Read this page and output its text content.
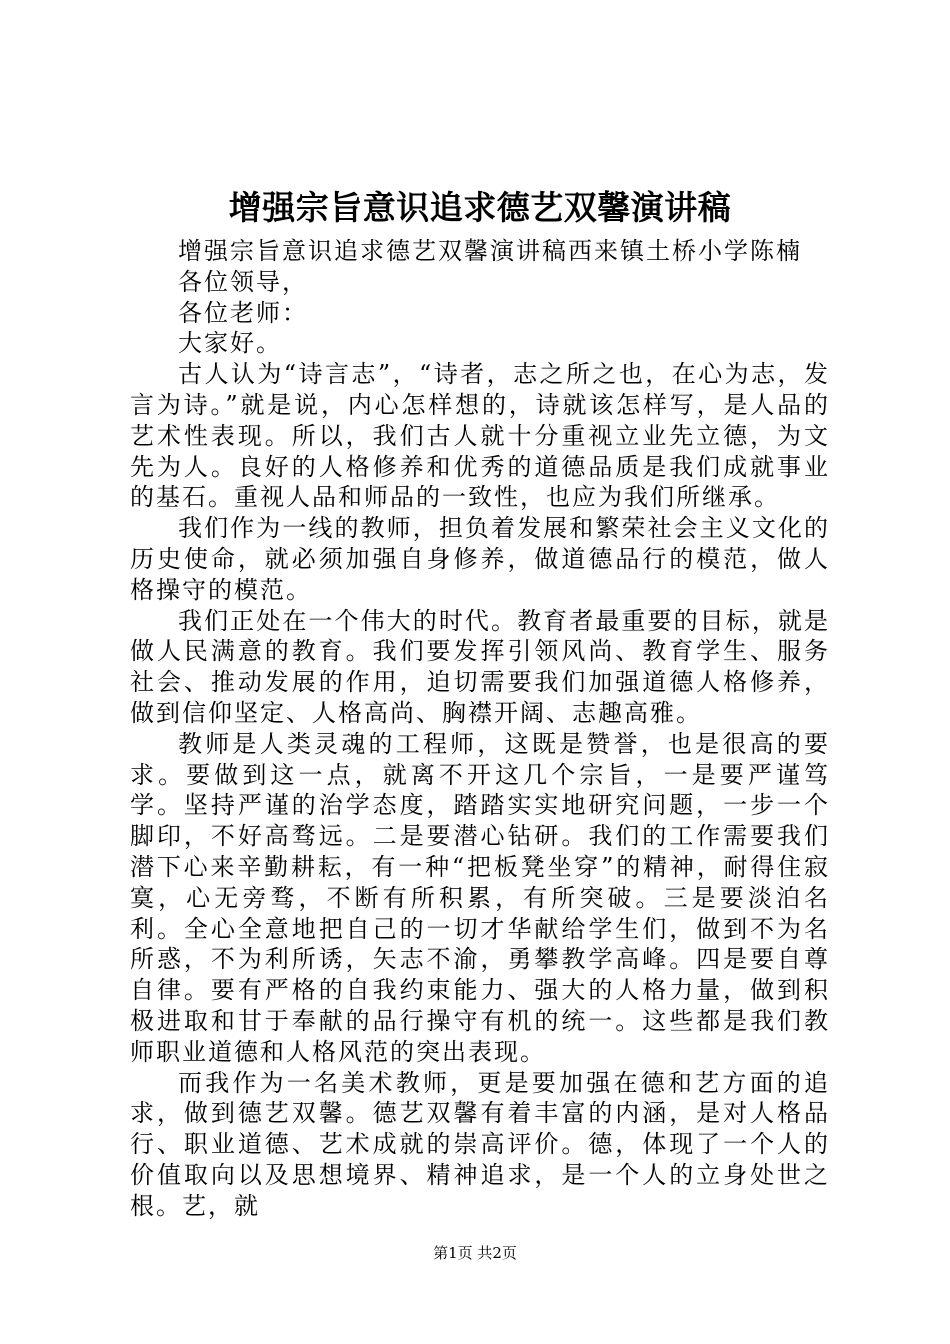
增强宗旨意识追求德艺双馨演讲稿

增强宗旨意识追求德艺双馨演讲稿西来镇土桥小学陈楠

各位领导，

各位老师：

大家好。

古人认为“诗言志”，“诗者，志之所之也，在心为志，发言为诗。”就是说，内心怎样想的，诗就该怎样写，是人品的艺术性表现。所以，我们古人就十分重视立业先立德，为文先为人。良好的人格修养和优秀的道德品质是我们成就事业的基石。重视人品和师品的一致性，也应为我们所继承。

我们作为一线的教师，担负着发展和繁荣社会主义文化的历史使命，就必须加强自身修养，做道德品行的模范，做人格操守的模范。

我们正处在一个伟大的时代。教育者最重要的目标，就是做人民满意的教育。我们要发挥引领风尚、教育学生、服务社会、推动发展的作用，迫切需要我们加强道德人格修养，做到信仰坚定、人格高尚、胸襟开阔、志趣高雅。

教师是人类灵魂的工程师，这既是赞誉，也是很高的要求。要做到这一点，就离不开这几个宗旨，一是要严谨笃学。坚持严谨的治学态度，踏踏实实地研究问题，一步一个脚印，不好高骛远。二是要潜心钻研。我们的工作需要我们潜下心来辛勤耕耘，有一种“把板凳坐穿”的精神，耐得住寂寞，心无旁骛，不断有所积累，有所突破。三是要淡泊名利。全心全意地把自己的一切才华献给学生们，做到不为名所惑，不为利所诱，矢志不渝，勇攀教学高峰。四是要自尊自律。要有严格的自我约束能力、强大的人格力量，做到积极进取和甘于奉献的品行操守有机的统一。这些都是我们教师职业道德和人格风范的突出表现。

而我作为一名美术教师，更是要加强在德和艺方面的追求，做到德艺双馨。德艺双馨有着丰富的内涵，是对人格品行、职业道德、艺术成就的崇高评价。德，体现了一个人的价值取向以及思想境界、精神追求，是一个人的立身处世之根。艺，就

第1页 共2页
